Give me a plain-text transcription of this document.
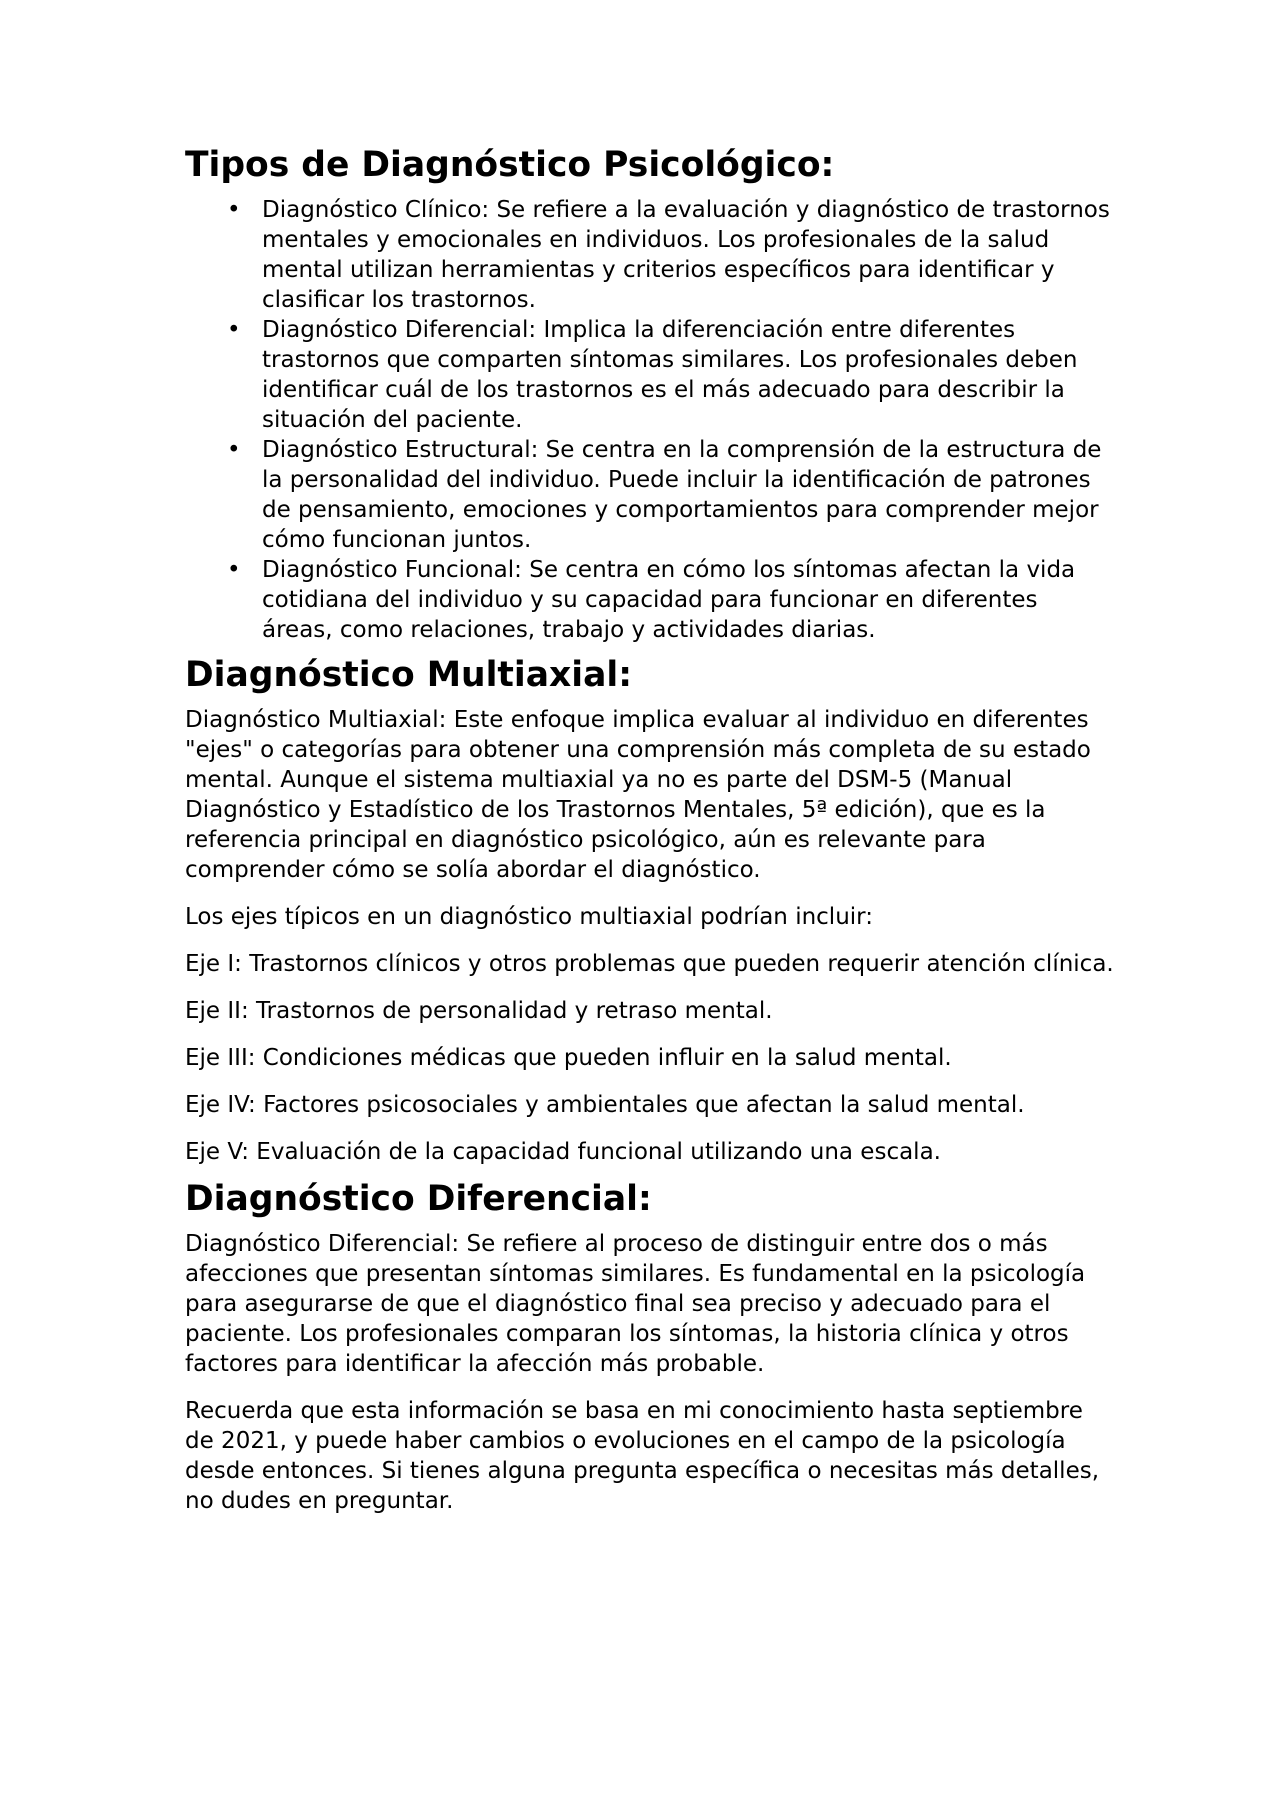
Tipos de Diagnóstico Psicológico:
• Diagnóstico Clínico: Se refiere a la evaluación y diagnóstico de trastornos mentales y emocionales en individuos. Los profesionales de la salud mental utilizan herramientas y criterios específicos para identificar y clasificar los trastornos.
• Diagnóstico Diferencial: Implica la diferenciación entre diferentes trastornos que comparten síntomas similares. Los profesionales deben identificar cuál de los trastornos es el más adecuado para describir la situación del paciente.
• Diagnóstico Estructural: Se centra en la comprensión de la estructura de la personalidad del individuo. Puede incluir la identificación de patrones de pensamiento, emociones y comportamientos para comprender mejor cómo funcionan juntos.
• Diagnóstico Funcional: Se centra en cómo los síntomas afectan la vida cotidiana del individuo y su capacidad para funcionar en diferentes áreas, como relaciones, trabajo y actividades diarias.
Diagnóstico Multiaxial:

Diagnóstico Multiaxial: Este enfoque implica evaluar al individuo en diferentes "ejes" o categorías para obtener una comprensión más completa de su estado mental. Aunque el sistema multiaxial ya no es parte del DSM-5 (Manual Diagnóstico y Estadístico de los Trastornos Mentales, 5ª edición), que es la referencia principal en diagnóstico psicológico, aún es relevante para comprender cómo se solía abordar el diagnóstico.

Los ejes típicos en un diagnóstico multiaxial podrían incluir:

Eje I: Trastornos clínicos y otros problemas que pueden requerir atención clínica.

Eje II: Trastornos de personalidad y retraso mental.

Eje III: Condiciones médicas que pueden influir en la salud mental.

Eje IV: Factores psicosociales y ambientales que afectan la salud mental.

Eje V: Evaluación de la capacidad funcional utilizando una escala.

Diagnóstico Diferencial:

Diagnóstico Diferencial: Se refiere al proceso de distinguir entre dos o más afecciones que presentan síntomas similares. Es fundamental en la psicología para asegurarse de que el diagnóstico final sea preciso y adecuado para el paciente. Los profesionales comparan los síntomas, la historia clínica y otros factores para identificar la afección más probable.

Recuerda que esta información se basa en mi conocimiento hasta septiembre de 2021, y puede haber cambios o evoluciones en el campo de la psicología desde entonces. Si tienes alguna pregunta específica o necesitas más detalles, no dudes en preguntar.
